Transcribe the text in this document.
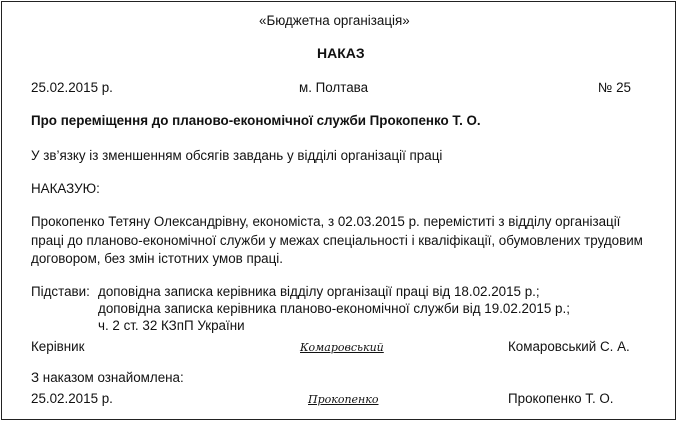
«Бюджетна організація»
НАКАЗ
25.02.2015 р.	м. Полтава	№ 25
Про переміщення до планово-економічної служби Прокопенко Т. О.
У зв’язку із зменшенням обсягів завдань у відділі організації праці
НАКАЗУЮ:
Прокопенко Тетяну Олександрівну, економіста, з 02.03.2015 р. переміститі з відділу організації
праці до планово-економічної служби у межах спеціальності і кваліфікації, обумовлених трудовим
договором, без змін істотних умов праці.
Підстави: доповідна записка керівника відділу організації праці від 18.02.2015 р.;
доповідна записка керівника планово-економічної служби від 19.02.2015 р.;
ч. 2 ст. 32 КЗпП України
Керівник	Комаровський	Комаровський С. А.
З наказом ознайомлена:
25.02.2015 р.	Прокопенко	Прокопенко Т. О.
